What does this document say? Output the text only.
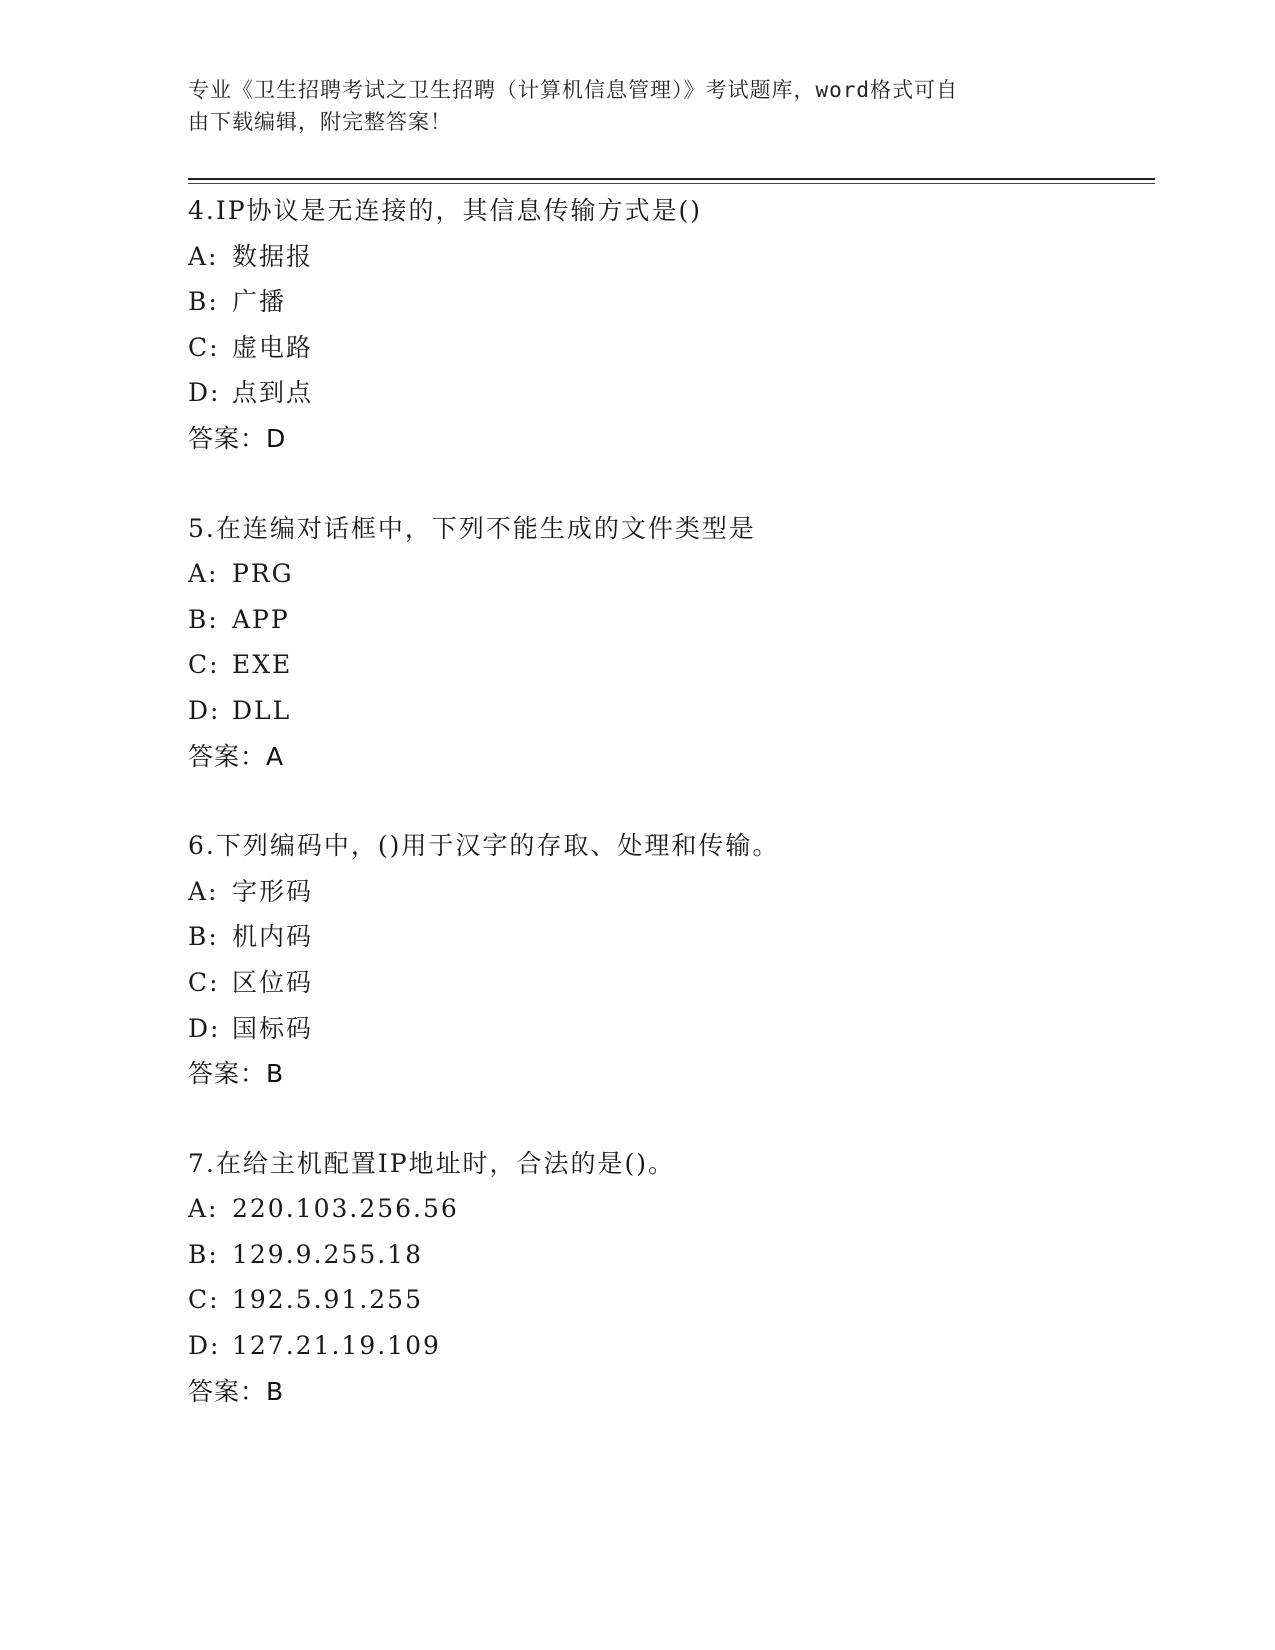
专业《卫生招聘考试之卫生招聘（计算机信息管理）》考试题库，word格式可自
由下载编辑，附完整答案！
4.IP协议是无连接的，其信息传输方式是()
A: 数据报
B: 广播
C: 虚电路
D: 点到点
答案：D
5.在连编对话框中，下列不能生成的文件类型是
A: PRG
B: APP
C: EXE
D: DLL
答案：A
6.下列编码中，()用于汉字的存取、处理和传输。
A: 字形码
B: 机内码
C: 区位码
D: 国标码
答案：B
7.在给主机配置IP地址时，合法的是()。
A: 220.103.256.56
B: 129.9.255.18
C: 192.5.91.255
D: 127.21.19.109
答案：B
